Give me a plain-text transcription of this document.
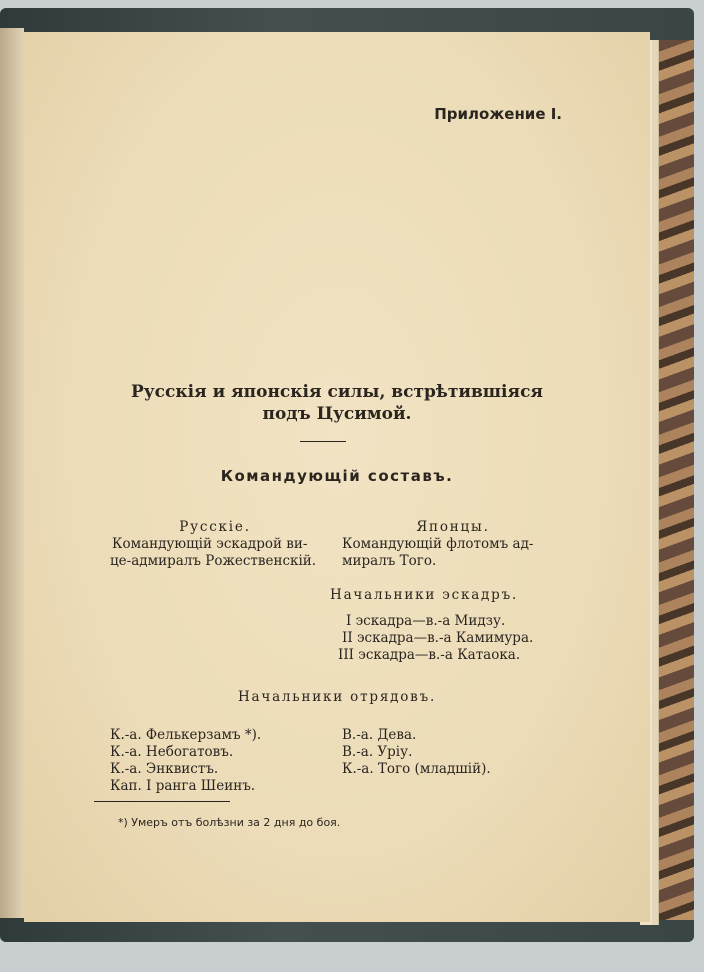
Приложение I.
Русскія и японскія силы, встрѣтившіяся
подъ Цусимой.
Командующій составъ.
Русскіе.
Командующій эскадрой ви-
це-адмиралъ Рожественскій.
Японцы.
Командующій флотомъ ад-
миралъ Того.
Начальники эскадръ.
I эскадра—в.-а Мидзу.
II эскадра—в.-а Камимура.
III эскадра—в.-а Катаока.
Начальники отрядовъ.
К.-а. Фелькерзамъ *).
К.-а. Небогатовъ.
К.-а. Энквистъ.
Кап. I ранга Шеинъ.
В.-а. Дева.
В.-а. Уріу.
К.-а. Того (младшій).
*) Умеръ отъ болѣзни за 2 дня до боя.
